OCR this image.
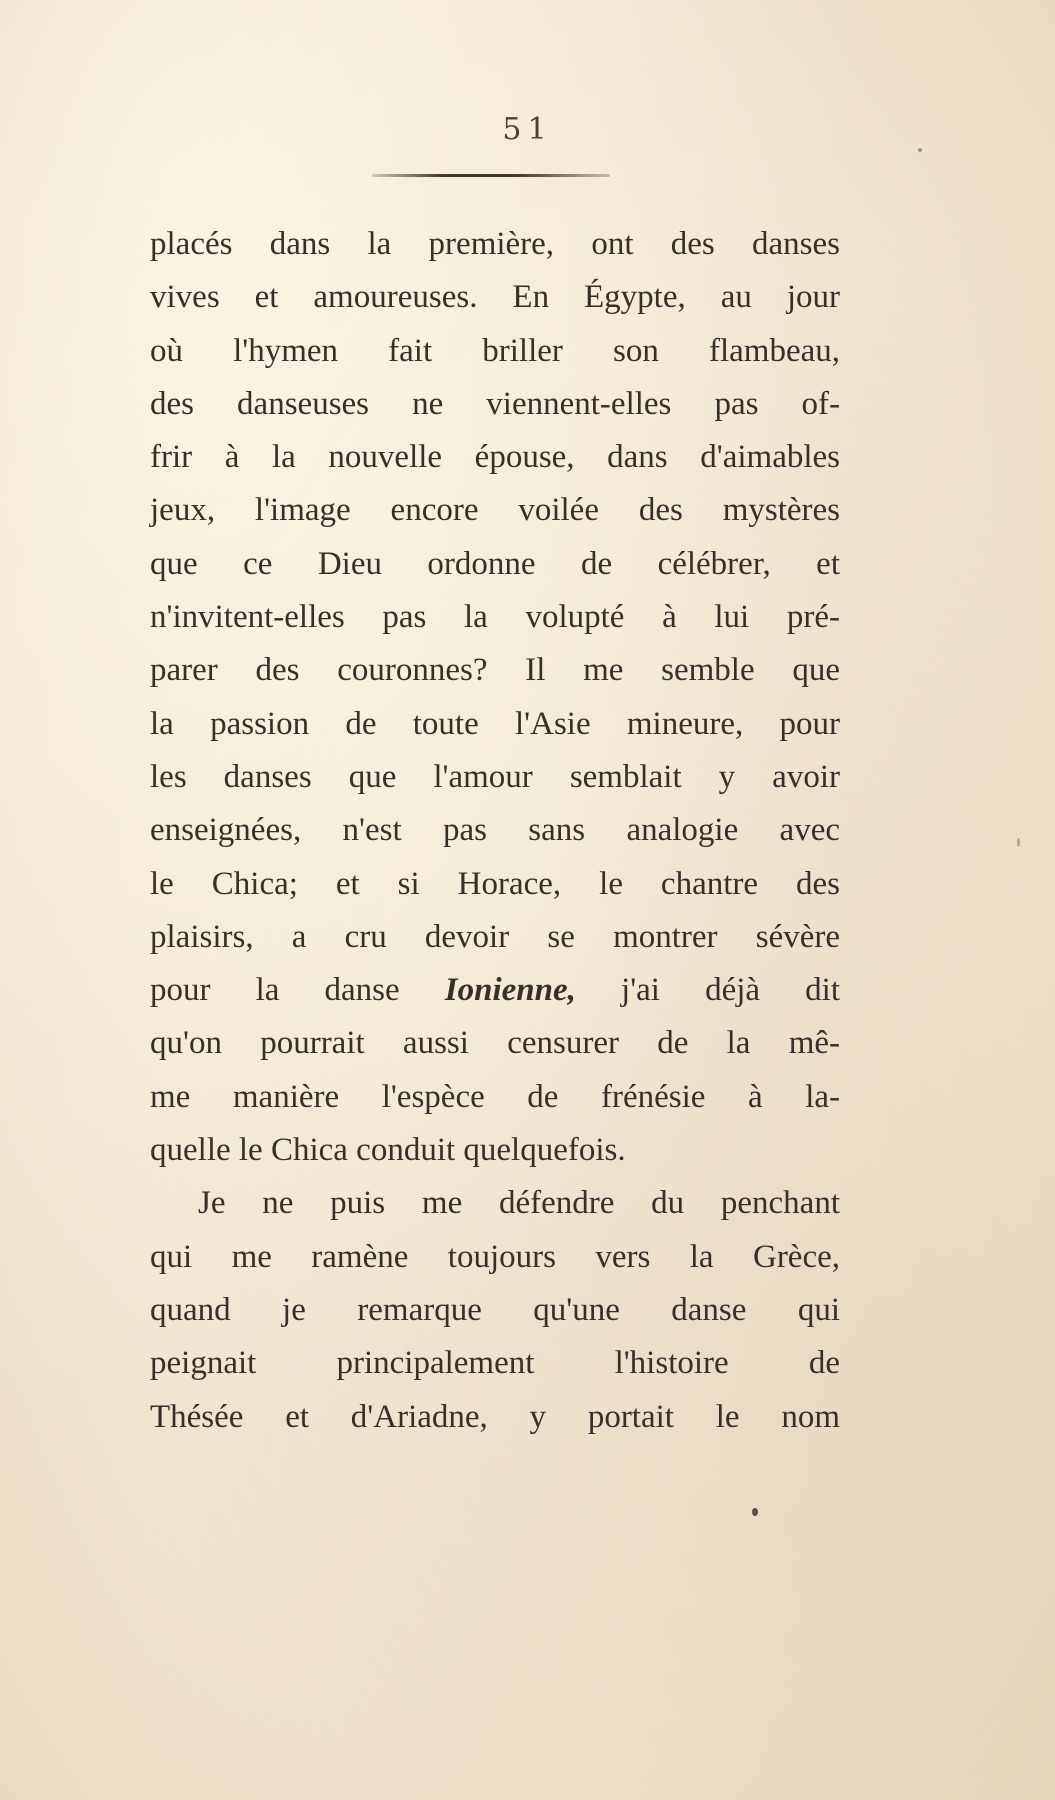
51
placés dans la première, ont des danses
vives et amoureuses. En Égypte, au jour
où l'hymen fait briller son flambeau,
des danseuses ne viennent-elles pas of-
frir à la nouvelle épouse, dans d'aimables
jeux, l'image encore voilée des mystères
que ce Dieu ordonne de célébrer, et
n'invitent-elles pas la volupté à lui pré-
parer des couronnes? Il me semble que
la passion de toute l'Asie mineure, pour
les danses que l'amour semblait y avoir
enseignées, n'est pas sans analogie avec
le Chica; et si Horace, le chantre des
plaisirs, a cru devoir se montrer sévère
pour la danse Ionienne, j'ai déjà dit
qu'on pourrait aussi censurer de la mê-
me manière l'espèce de frénésie à la-
quelle le Chica conduit quelquefois.
Je ne puis me défendre du penchant
qui me ramène toujours vers la Grèce,
quand je remarque qu'une danse qui
peignait principalement l'histoire de
Thésée et d'Ariadne, y portait le nom
